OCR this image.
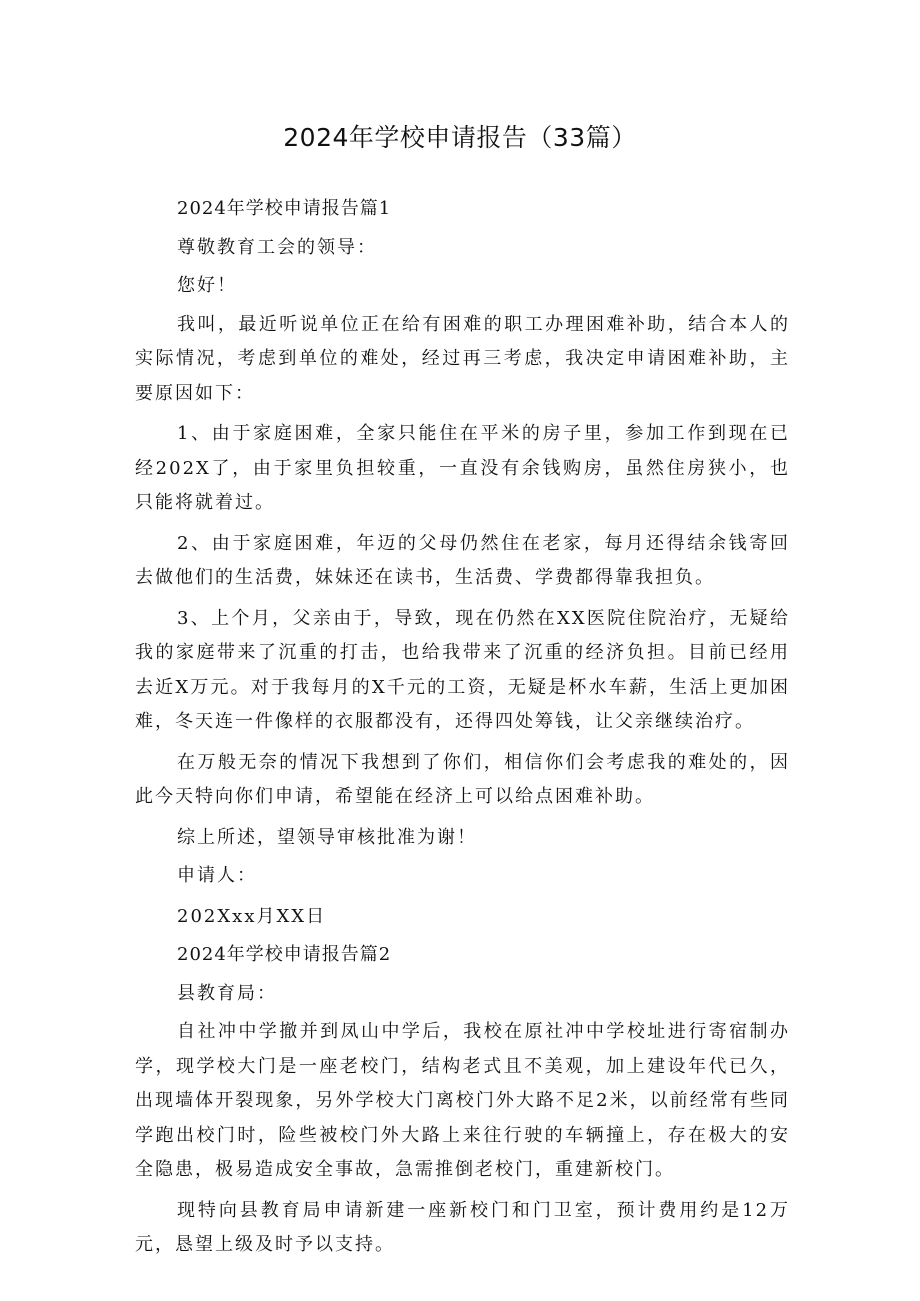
2024年学校申请报告（33篇）

2024年学校申请报告篇1

尊敬教育工会的领导：

您好！

我叫，最近听说单位正在给有困难的职工办理困难补助，结合本人的实际情况，考虑到单位的难处，经过再三考虑，我决定申请困难补助，主要原因如下：

1、由于家庭困难，全家只能住在平米的房子里，参加工作到现在已经202X了，由于家里负担较重，一直没有余钱购房，虽然住房狭小，也只能将就着过。

2、由于家庭困难，年迈的父母仍然住在老家，每月还得结余钱寄回去做他们的生活费，妹妹还在读书，生活费、学费都得靠我担负。

3、上个月，父亲由于，导致，现在仍然在XX医院住院治疗，无疑给我的家庭带来了沉重的打击，也给我带来了沉重的经济负担。目前已经用去近X万元。对于我每月的X千元的工资，无疑是杯水车薪，生活上更加困难，冬天连一件像样的衣服都没有，还得四处筹钱，让父亲继续治疗。

在万般无奈的情况下我想到了你们，相信你们会考虑我的难处的，因此今天特向你们申请，希望能在经济上可以给点困难补助。

综上所述，望领导审核批准为谢！

申请人：

202Xxx月XX日

2024年学校申请报告篇2

县教育局：

自社冲中学撤并到凤山中学后，我校在原社冲中学校址进行寄宿制办学，现学校大门是一座老校门，结构老式且不美观，加上建设年代已久，出现墙体开裂现象，另外学校大门离校门外大路不足2米，以前经常有些同学跑出校门时，险些被校门外大路上来往行驶的车辆撞上，存在极大的安全隐患，极易造成安全事故，急需推倒老校门，重建新校门。

现特向县教育局申请新建一座新校门和门卫室，预计费用约是12万元，恳望上级及时予以支持。
